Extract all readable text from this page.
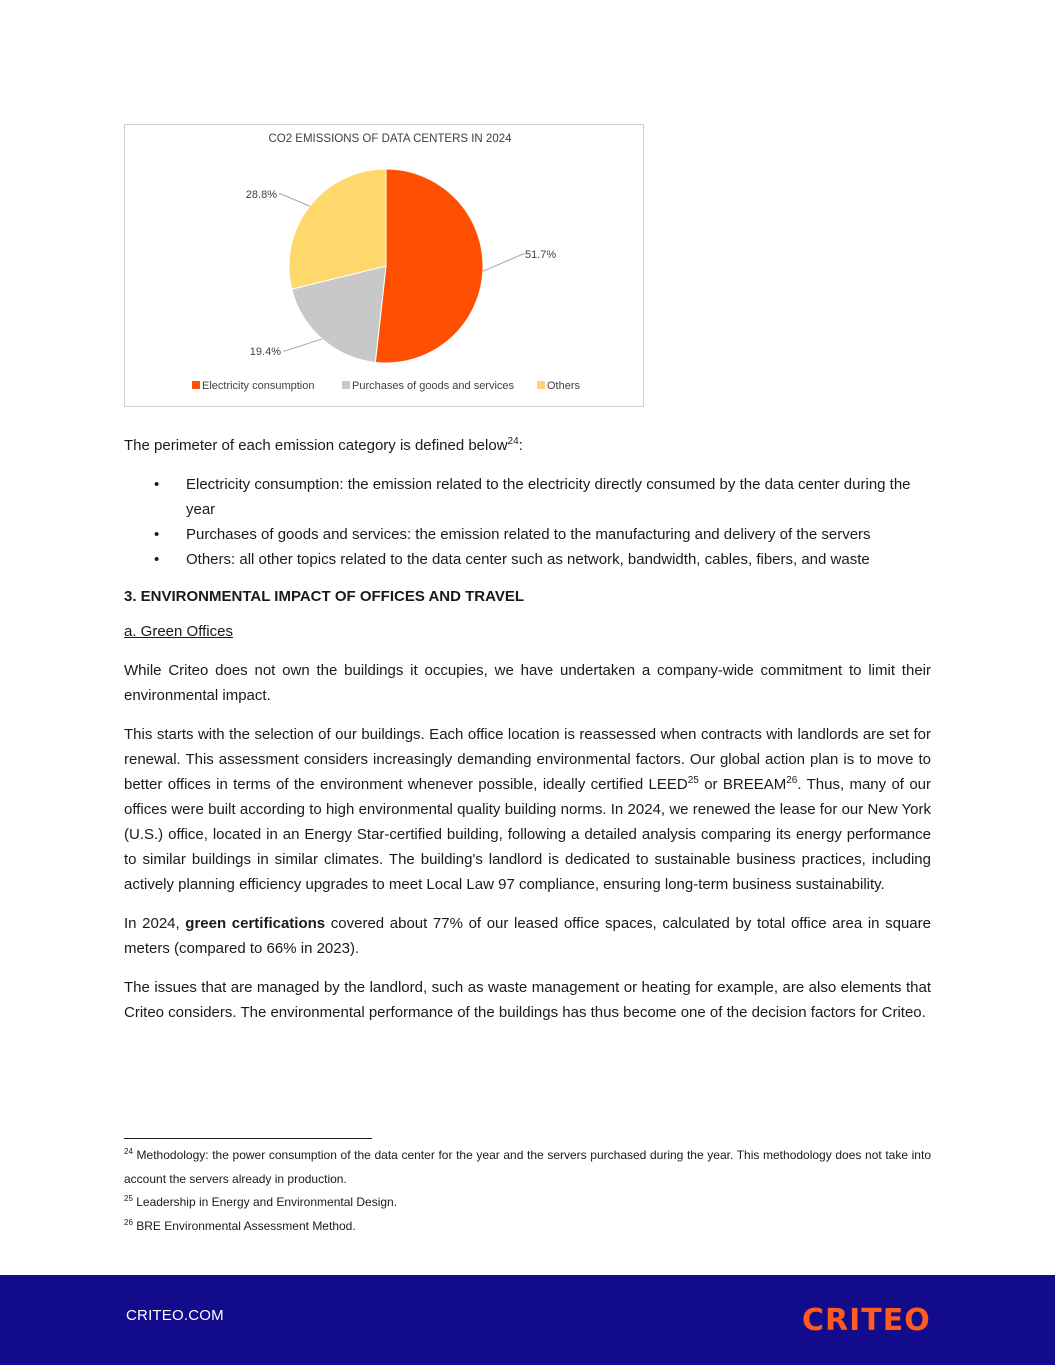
CO2 EMISSIONS OF DATA CENTERS IN 2024
51.7%
19.4%
28.8%
Electricity consumption	Purchases of goods and services	Others

The perimeter of each emission category is defined below$^{24}$:

• Electricity consumption: the emission related to the electricity directly consumed by the data center during the year
• Purchases of goods and services: the emission related to the manufacturing and delivery of the servers
• Others: all other topics related to the data center such as network, bandwidth, cables, fibers, and waste
3. ENVIRONMENTAL IMPACT OF OFFICES AND TRAVEL
a. Green Offices

While Criteo does not own the buildings it occupies, we have undertaken a company-wide commitment to limit their environmental impact.

This starts with the selection of our buildings. Each office location is reassessed when contracts with landlords are set for renewal. This assessment considers increasingly demanding environmental factors. Our global action plan is to move to better offices in terms of the environment whenever possible, ideally certified LEED$^{25}$ or BREEAM$^{26}$. Thus, many of our offices were built according to high environmental quality building norms. In 2024, we renewed the lease for our New York (U.S.) office, located in an Energy Star-certified building, following a detailed analysis comparing its energy performance to similar buildings in similar climates. The building's landlord is dedicated to sustainable business practices, including actively planning efficiency upgrades to meet Local Law 97 compliance, ensuring long-term business sustainability.

In 2024, green certifications covered about 77% of our leased office spaces, calculated by total office area in square meters (compared to 66% in 2023).

The issues that are managed by the landlord, such as waste management or heating for example, are also elements that Criteo considers. The environmental performance of the buildings has thus become one of the decision factors for Criteo.

$^{24}$ Methodology: the power consumption of the data center for the year and the servers purchased during the year. This methodology does not take into account the servers already in production.
$^{25}$ Leadership in Energy and Environmental Design.
$^{26}$ BRE Environmental Assessment Method.
CRITEO.COM	CRITEO
